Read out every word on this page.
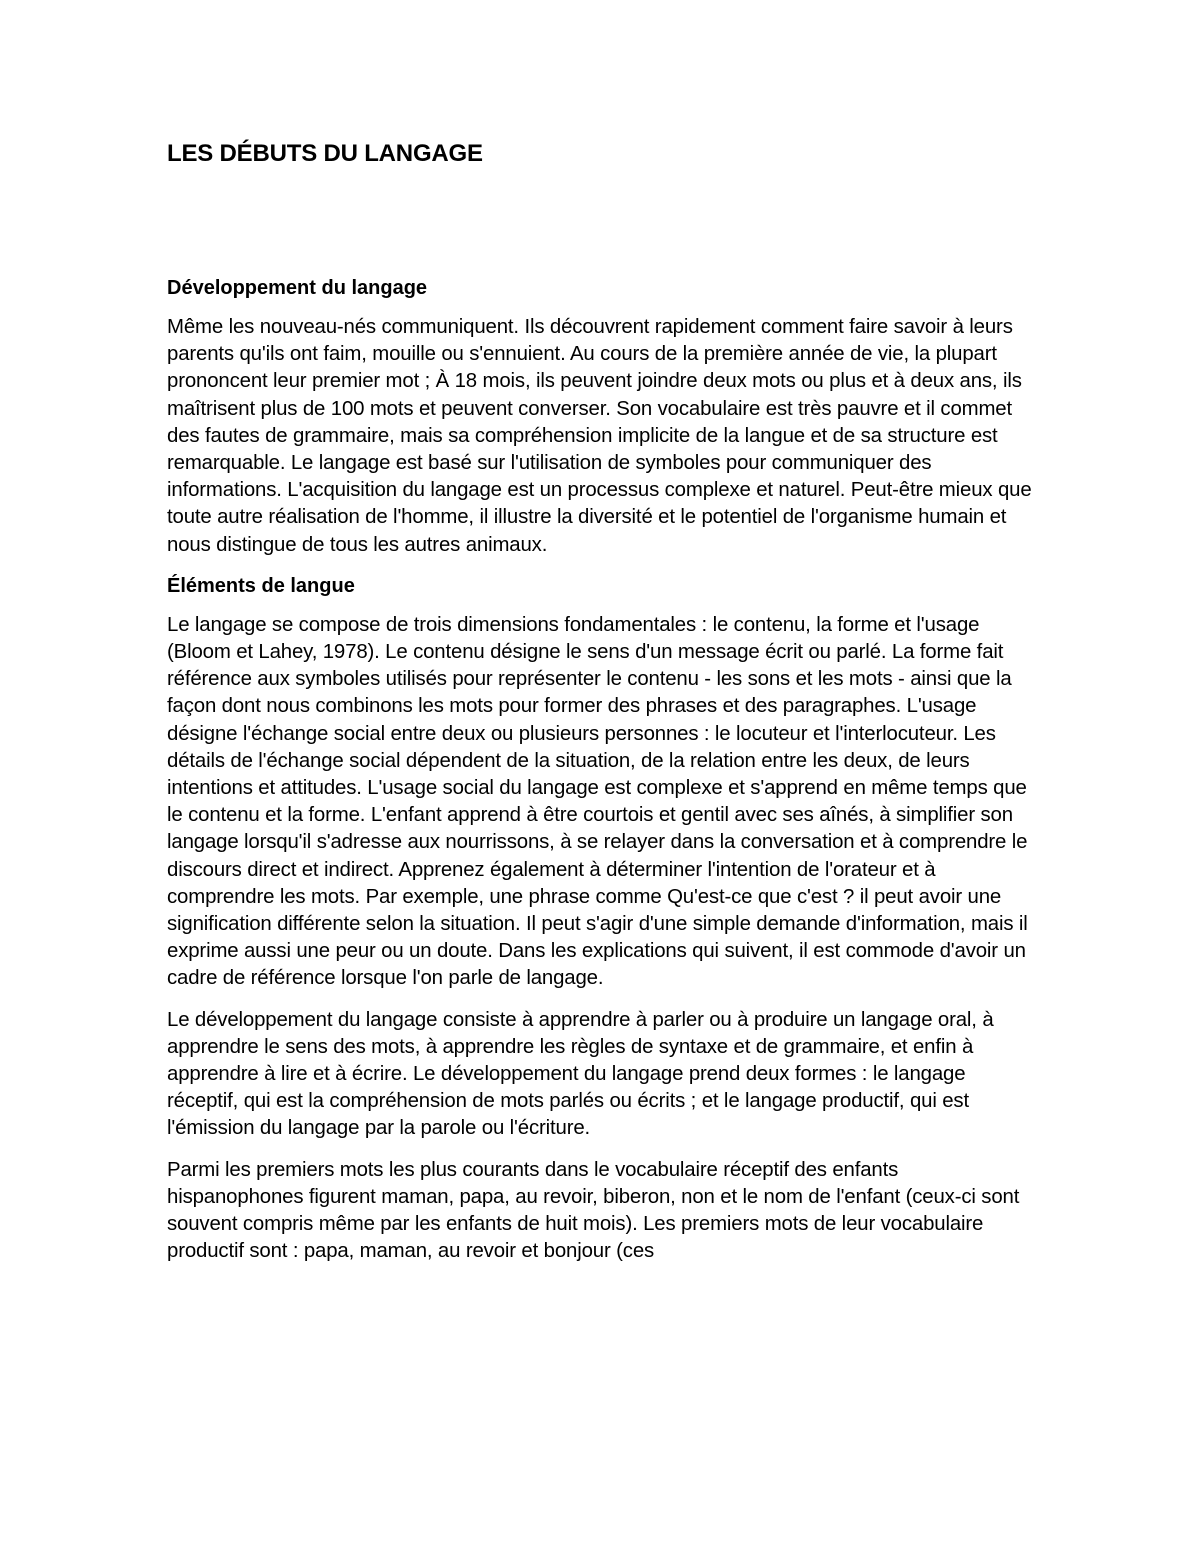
LES DÉBUTS DU LANGAGE
Développement du langage

Même les nouveau-nés communiquent. Ils découvrent rapidement comment faire savoir à leurs parents qu'ils ont faim, mouille ou s'ennuient. Au cours de la première année de vie, la plupart prononcent leur premier mot ; À 18 mois, ils peuvent joindre deux mots ou plus et à deux ans, ils maîtrisent plus de 100 mots et peuvent converser. Son vocabulaire est très pauvre et il commet des fautes de grammaire, mais sa compréhension implicite de la langue et de sa structure est remarquable. Le langage est basé sur l'utilisation de symboles pour communiquer des informations. L'acquisition du langage est un processus complexe et naturel. Peut-être mieux que toute autre réalisation de l'homme, il illustre la diversité et le potentiel de l'organisme humain et nous distingue de tous les autres animaux.

Éléments de langue

Le langage se compose de trois dimensions fondamentales : le contenu, la forme et l'usage (Bloom et Lahey, 1978). Le contenu désigne le sens d'un message écrit ou parlé. La forme fait référence aux symboles utilisés pour représenter le contenu - les sons et les mots - ainsi que la façon dont nous combinons les mots pour former des phrases et des paragraphes. L'usage désigne l'échange social entre deux ou plusieurs personnes : le locuteur et l'interlocuteur. Les détails de l'échange social dépendent de la situation, de la relation entre les deux, de leurs intentions et attitudes. L'usage social du langage est complexe et s'apprend en même temps que le contenu et la forme. L'enfant apprend à être courtois et gentil avec ses aînés, à simplifier son langage lorsqu'il s'adresse aux nourrissons, à se relayer dans la conversation et à comprendre le discours direct et indirect. Apprenez également à déterminer l'intention de l'orateur et à comprendre les mots. Par exemple, une phrase comme Qu'est-ce que c'est ? il peut avoir une signification différente selon la situation. Il peut s'agir d'une simple demande d'information, mais il exprime aussi une peur ou un doute. Dans les explications qui suivent, il est commode d'avoir un cadre de référence lorsque l'on parle de langage.

Le développement du langage consiste à apprendre à parler ou à produire un langage oral, à apprendre le sens des mots, à apprendre les règles de syntaxe et de grammaire, et enfin à apprendre à lire et à écrire. Le développement du langage prend deux formes : le langage réceptif, qui est la compréhension de mots parlés ou écrits ; et le langage productif, qui est l'émission du langage par la parole ou l'écriture.

Parmi les premiers mots les plus courants dans le vocabulaire réceptif des enfants hispanophones figurent maman, papa, au revoir, biberon, non et le nom de l'enfant (ceux-ci sont souvent compris même par les enfants de huit mois). Les premiers mots de leur vocabulaire productif sont : papa, maman, au revoir et bonjour (ces
